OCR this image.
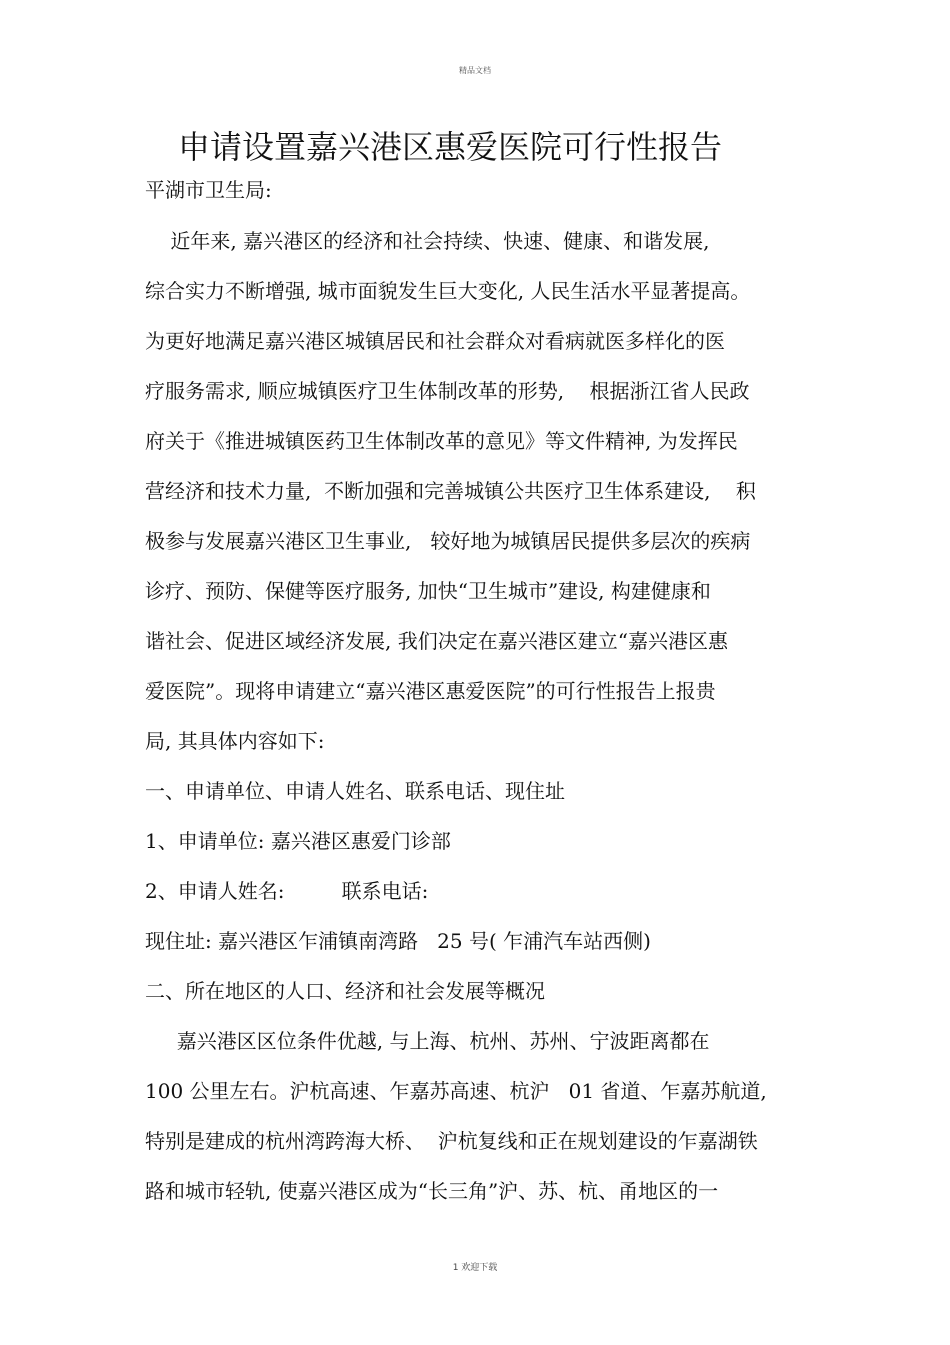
精品文档
申请设置嘉兴港区惠爱医院可行性报告
平湖市卫生局:
近年来, 嘉兴港区的经济和社会持续、快速、健康、和谐发展,
综合实力不断增强, 城市面貌发生巨大变化, 人民生活水平显著提高。
为更好地满足嘉兴港区城镇居民和社会群众对看病就医多样化的医
疗服务需求, 顺应城镇医疗卫生体制改革的形势,    根据浙江省人民政
府关于《推进城镇医药卫生体制改革的意见》等文件精神, 为发挥民
营经济和技术力量,  不断加强和完善城镇公共医疗卫生体系建设,    积
极参与发展嘉兴港区卫生事业,   较好地为城镇居民提供多层次的疾病
诊疗、预防、保健等医疗服务, 加快“卫生城市”建设, 构建健康和
谐社会、促进区域经济发展, 我们决定在嘉兴港区建立“嘉兴港区惠
爱医院”。现将申请建立“嘉兴港区惠爱医院”的可行性报告上报贵
局, 其具体内容如下:
一、申请单位、申请人姓名、联系电话、现住址
1、申请单位: 嘉兴港区惠爱门诊部
2、申请人姓名:         联系电话:
现住址: 嘉兴港区乍浦镇南湾路   25 号( 乍浦汽车站西侧)
二、所在地区的人口、经济和社会发展等概况
嘉兴港区区位条件优越, 与上海、杭州、苏州、宁波距离都在
100 公里左右。沪杭高速、乍嘉苏高速、杭沪   01 省道、乍嘉苏航道,
特别是建成的杭州湾跨海大桥、  沪杭复线和正在规划建设的乍嘉湖铁
路和城市轻轨, 使嘉兴港区成为“长三角”沪、苏、杭、甬地区的一
1 欢迎下载
